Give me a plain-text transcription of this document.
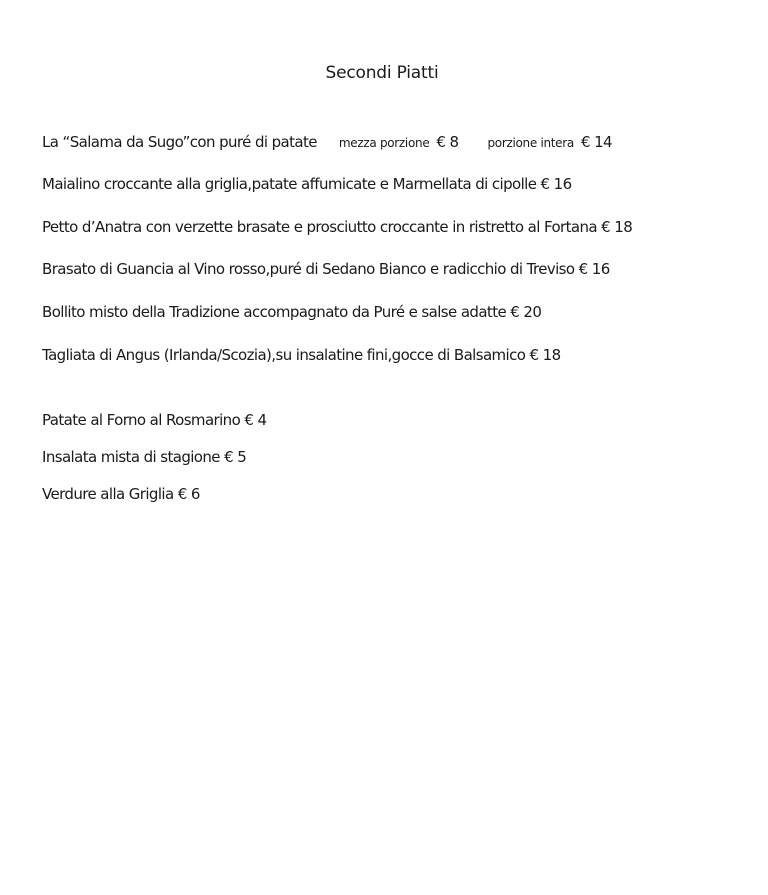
Secondi Piatti
La “Salama da Sugo”con puré di patate mezza porzione € 8 porzione intera € 14
Maialino croccante alla griglia,patate affumicate e Marmellata di cipolle € 16
Petto d’Anatra con verzette brasate e prosciutto croccante in ristretto al Fortana € 18
Brasato di Guancia al Vino rosso,puré di Sedano Bianco e radicchio di Treviso € 16
Bollito misto della Tradizione accompagnato da Puré e salse adatte € 20
Tagliata di Angus (Irlanda/Scozia),su insalatine fini,gocce di Balsamico € 18
Patate al Forno al Rosmarino € 4
Insalata mista di stagione € 5
Verdure alla Griglia € 6
